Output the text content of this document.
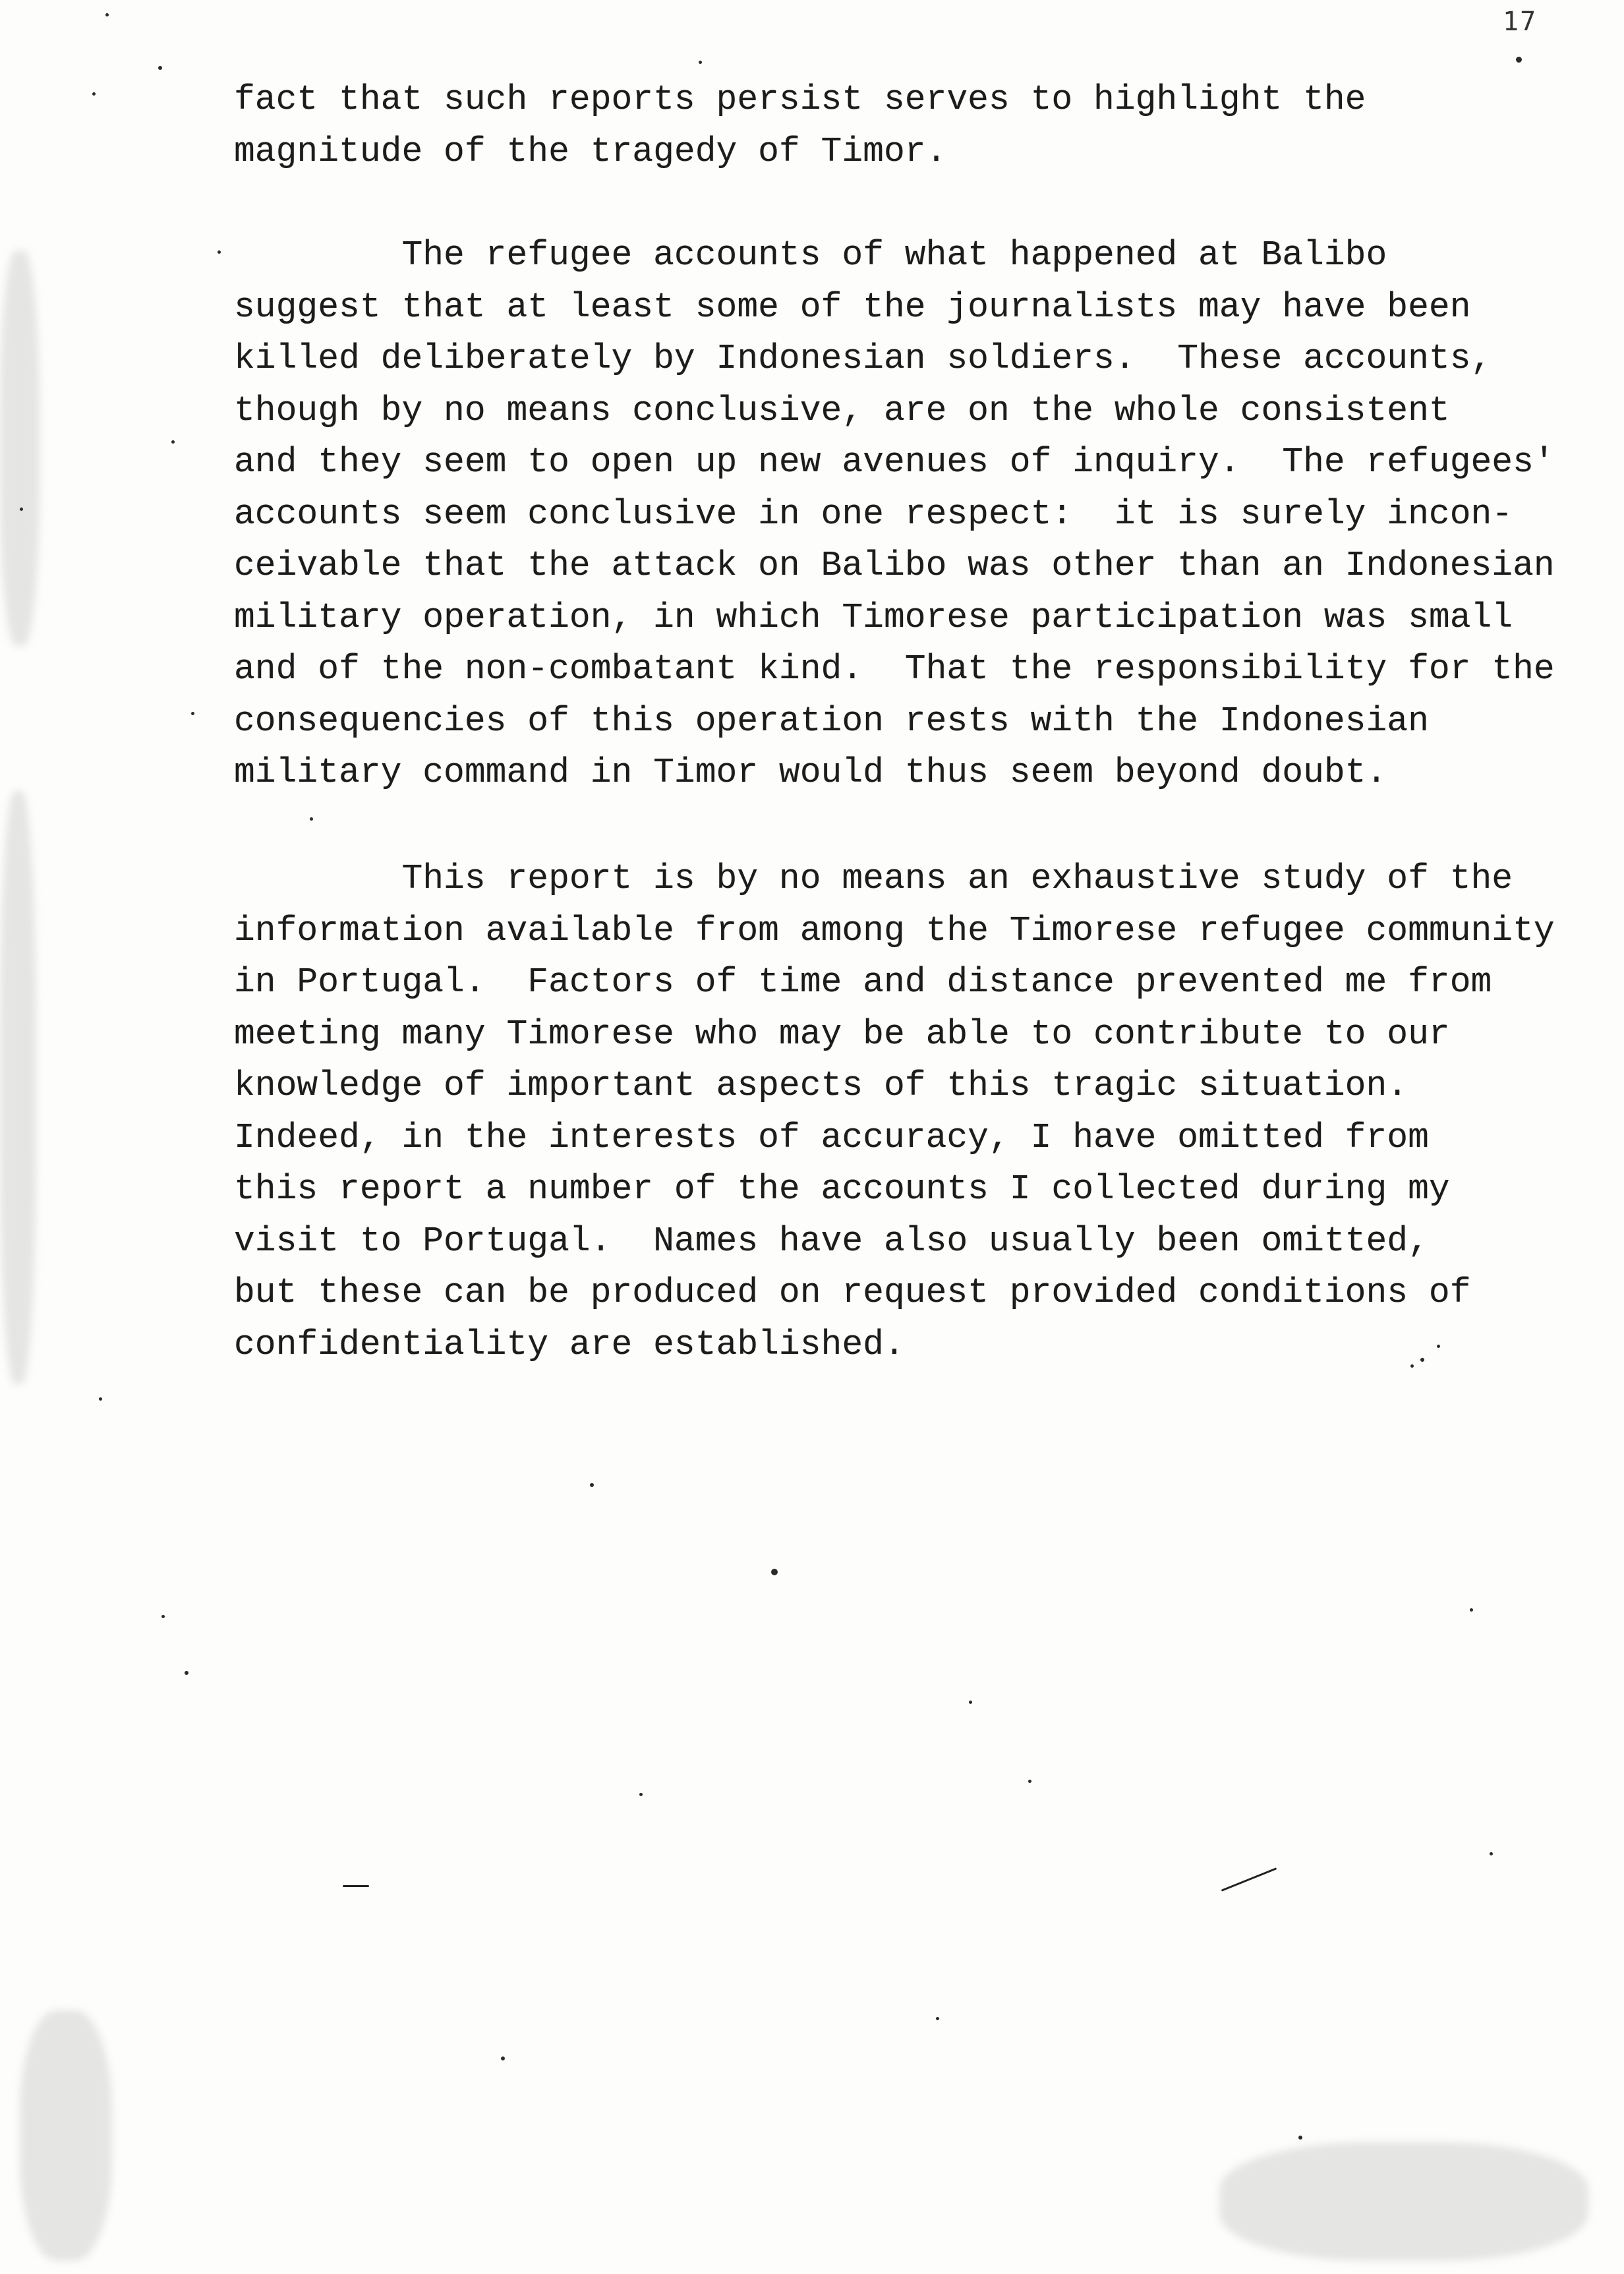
17

fact that such reports persist serves to highlight the
magnitude of the tragedy of Timor.

The refugee accounts of what happened at Balibo
suggest that at least some of the journalists may have been
killed deliberately by Indonesian soldiers.  These accounts,
though by no means conclusive, are on the whole consistent
and they seem to open up new avenues of inquiry.  The refugees'
accounts seem conclusive in one respect:  it is surely incon-
ceivable that the attack on Balibo was other than an Indonesian
military operation, in which Timorese participation was small
and of the non-combatant kind.  That the responsibility for the
consequencies of this operation rests with the Indonesian
military command in Timor would thus seem beyond doubt.

This report is by no means an exhaustive study of the
information available from among the Timorese refugee community
in Portugal.  Factors of time and distance prevented me from
meeting many Timorese who may be able to contribute to our
knowledge of important aspects of this tragic situation.
Indeed, in the interests of accuracy, I have omitted from
this report a number of the accounts I collected during my
visit to Portugal.  Names have also usually been omitted,
but these can be produced on request provided conditions of
confidentiality are established.
